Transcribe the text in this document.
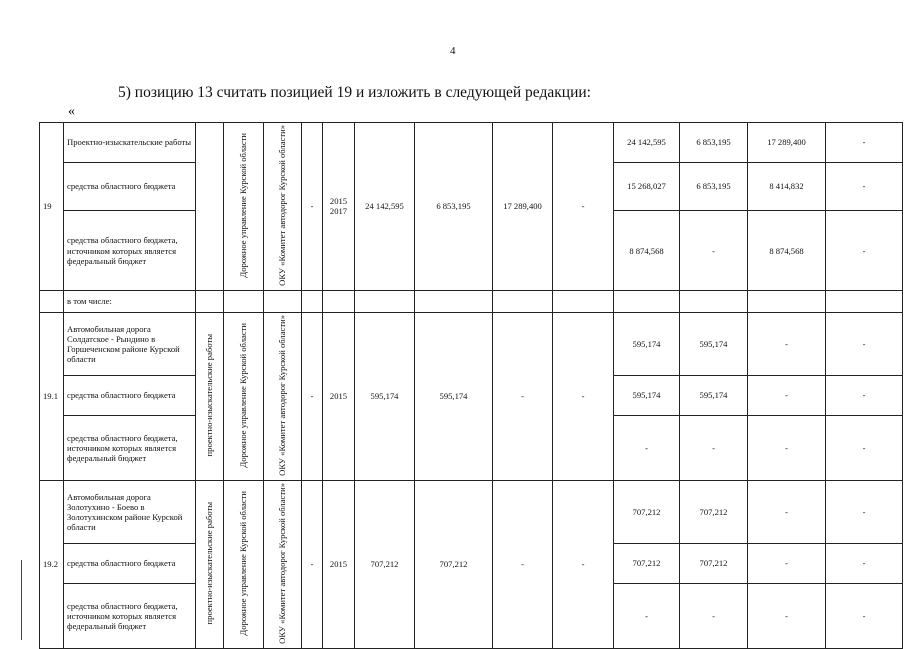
4
5) позицию 13 считать позицией 19 и изложить в следующей редакции:
«
19	Проектно-изыскательские работы		Дорожное управление Курской области	ОКУ «Комитет автодорог Курской области»	-	2015 2017	24 142,595	6 853,195	17 289,400	-	24 142,595	6 853,195	17 289,400	-
	средства областного бюджета										15 268,027	6 853,195	8 414,832	-
	средства областного бюджета, источником которых является федеральный бюджет										8 874,568	-	8 874,568	-
	в том числе:													
19.1	Автомобильная дорога Солдатское - Рындино в Горшеченском районе Курской области	проектно-изыскательские работы	Дорожное управление Курской области	ОКУ «Комитет автодорог Курской области»	-	2015	595,174	595,174	-	-	595,174	595,174	-	-
	средства областного бюджета										595,174	595,174	-	-
	средства областного бюджета, источником которых является федеральный бюджет										-	-	-	-
19.2	Автомобильная дорога Золотухино - Боево в Золотухинском районе Курской области	проектно-изыскательские работы	Дорожное управление Курской области	ОКУ «Комитет автодорог Курской области»	-	2015	707,212	707,212	-	-	707,212	707,212	-	-
	средства областного бюджета										707,212	707,212	-	-
	средства областного бюджета, источником которых является федеральный бюджет										-	-	-	-
